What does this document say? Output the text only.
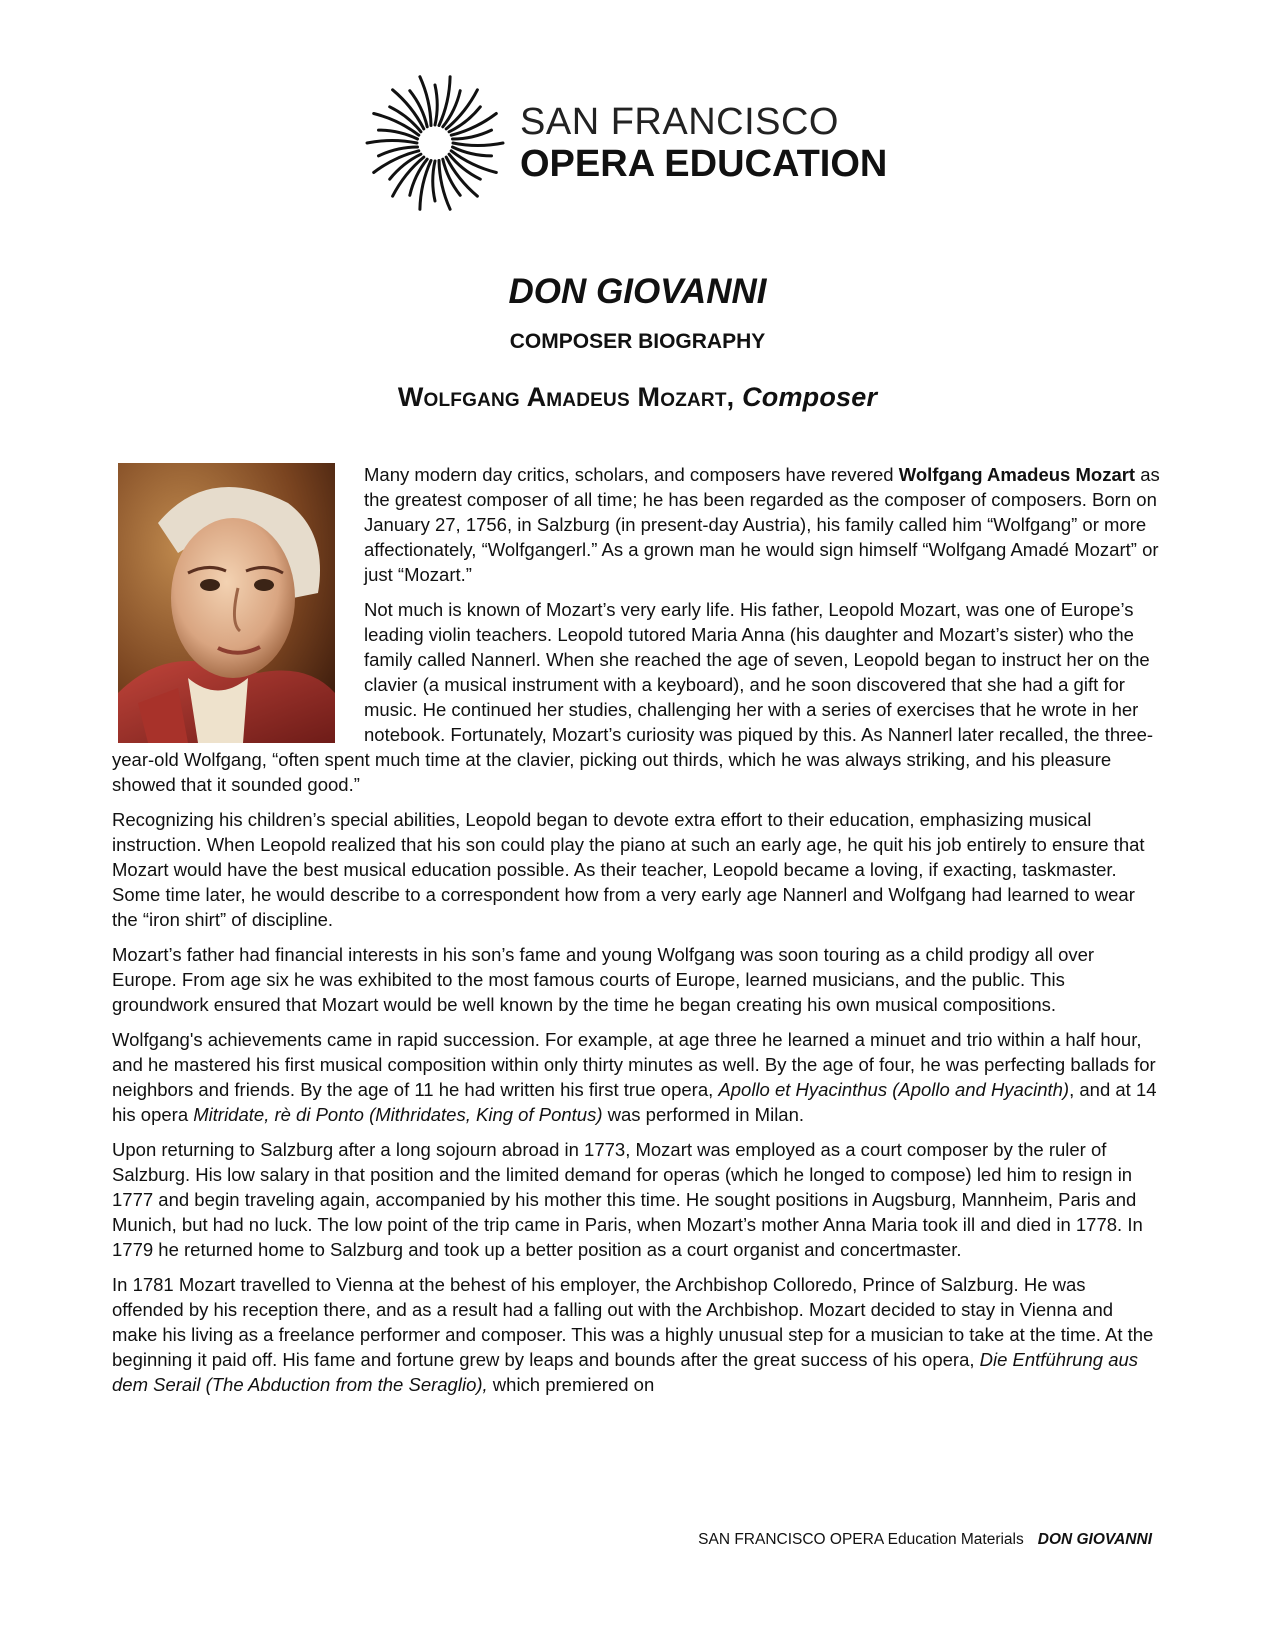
SAN FRANCISCO
OPERA EDUCATION
DON GIOVANNI
COMPOSER BIOGRAPHY
Wolfgang Amadeus Mozart, Composer

Many modern day critics, scholars, and composers have revered Wolfgang Amadeus Mozart as the greatest composer of all time; he has been regarded as the composer of composers. Born on January 27, 1756, in Salzburg (in present-day Austria), his family called him “Wolfgang” or more affectionately, “Wolfgangerl.” As a grown man he would sign himself “Wolfgang Amadé Mozart” or just “Mozart.”

Not much is known of Mozart’s very early life. His father, Leopold Mozart, was one of Europe’s leading violin teachers. Leopold tutored Maria Anna (his daughter and Mozart’s sister) who the family called Nannerl. When she reached the age of seven, Leopold began to instruct her on the clavier (a musical instrument with a keyboard), and he soon discovered that she had a gift for music. He continued her studies, challenging her with a series of exercises that he wrote in her notebook. Fortunately, Mozart’s curiosity was piqued by this. As Nannerl later recalled, the three-year-old Wolfgang, “often spent much time at the clavier, picking out thirds, which he was always striking, and his pleasure showed that it sounded good.”

Recognizing his children’s special abilities, Leopold began to devote extra effort to their education, emphasizing musical instruction. When Leopold realized that his son could play the piano at such an early age, he quit his job entirely to ensure that Mozart would have the best musical education possible. As their teacher, Leopold became a loving, if exacting, taskmaster. Some time later, he would describe to a correspondent how from a very early age Nannerl and Wolfgang had learned to wear the “iron shirt” of discipline.

Mozart’s father had financial interests in his son’s fame and young Wolfgang was soon touring as a child prodigy all over Europe. From age six he was exhibited to the most famous courts of Europe, learned musicians, and the public. This groundwork ensured that Mozart would be well known by the time he began creating his own musical compositions.

Wolfgang's achievements came in rapid succession. For example, at age three he learned a minuet and trio within a half hour, and he mastered his first musical composition within only thirty minutes as well. By the age of four, he was perfecting ballads for neighbors and friends. By the age of 11 he had written his first true opera, Apollo et Hyacinthus (Apollo and Hyacinth), and at 14 his opera Mitridate, rè di Ponto (Mithridates, King of Pontus) was performed in Milan.

Upon returning to Salzburg after a long sojourn abroad in 1773, Mozart was employed as a court composer by the ruler of Salzburg. His low salary in that position and the limited demand for operas (which he longed to compose) led him to resign in 1777 and begin traveling again, accompanied by his mother this time. He sought positions in Augsburg, Mannheim, Paris and Munich, but had no luck. The low point of the trip came in Paris, when Mozart’s mother Anna Maria took ill and died in 1778. In 1779 he returned home to Salzburg and took up a better position as a court organist and concertmaster.

In 1781 Mozart travelled to Vienna at the behest of his employer, the Archbishop Colloredo, Prince of Salzburg. He was offended by his reception there, and as a result had a falling out with the Archbishop. Mozart decided to stay in Vienna and make his living as a freelance performer and composer. This was a highly unusual step for a musician to take at the time. At the beginning it paid off. His fame and fortune grew by leaps and bounds after the great success of his opera, Die Entführung aus dem Serail (The Abduction from the Seraglio), which premiered on

SAN FRANCISCO OPERA Education Materials DON GIOVANNI
